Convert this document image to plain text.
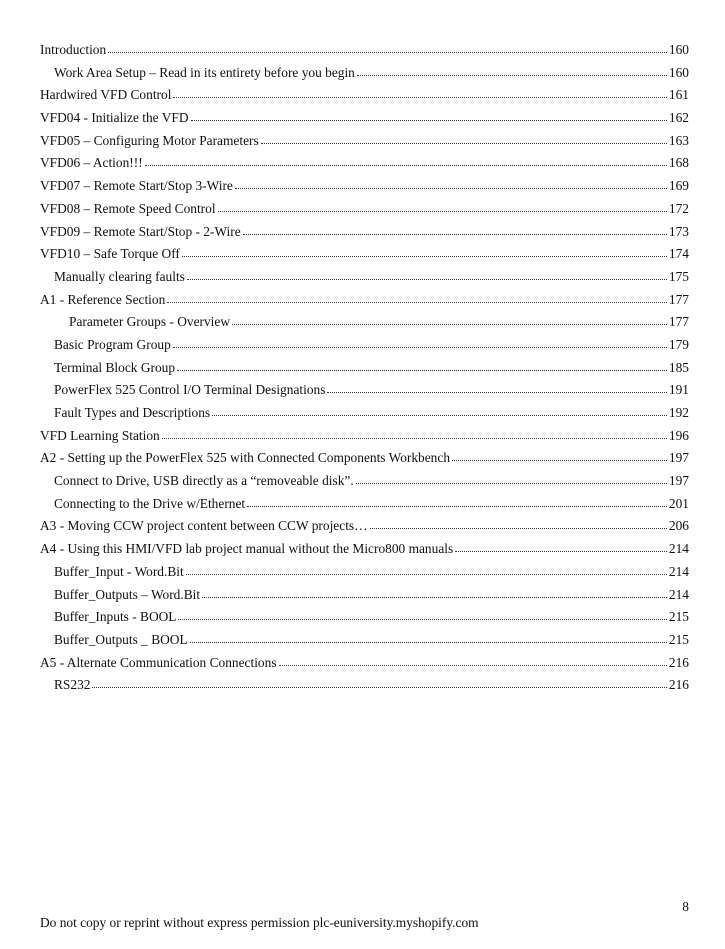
Introduction	160
Work Area Setup – Read in its entirety before you begin	160
Hardwired VFD Control	161
VFD04 - Initialize the VFD	162
VFD05 – Configuring Motor Parameters	163
VFD06 – Action!!!	168
VFD07 – Remote Start/Stop 3-Wire	169
VFD08 – Remote Speed Control	172
VFD09 – Remote Start/Stop - 2-Wire	173
VFD10 – Safe Torque Off	174
Manually clearing faults	175
A1 - Reference Section	177
Parameter Groups - Overview	177
Basic Program Group	179
Terminal Block Group	185
PowerFlex 525 Control I/O Terminal Designations	191
Fault Types and Descriptions	192
VFD Learning Station	196
A2 - Setting up the PowerFlex 525 with Connected Components Workbench	197
Connect to Drive, USB directly as a “removeable disk”.	197
Connecting to the Drive w/Ethernet	201
A3 - Moving CCW project content between CCW projects…	206
A4 - Using this HMI/VFD lab project manual without the Micro800 manuals	214
Buffer_Input - Word.Bit	214
Buffer_Outputs – Word.Bit	214
Buffer_Inputs - BOOL	215
Buffer_Outputs _ BOOL	215
A5 - Alternate Communication Connections	216
RS232	216
8
Do not copy or reprint without express permission plc-euniversity.myshopify.com
